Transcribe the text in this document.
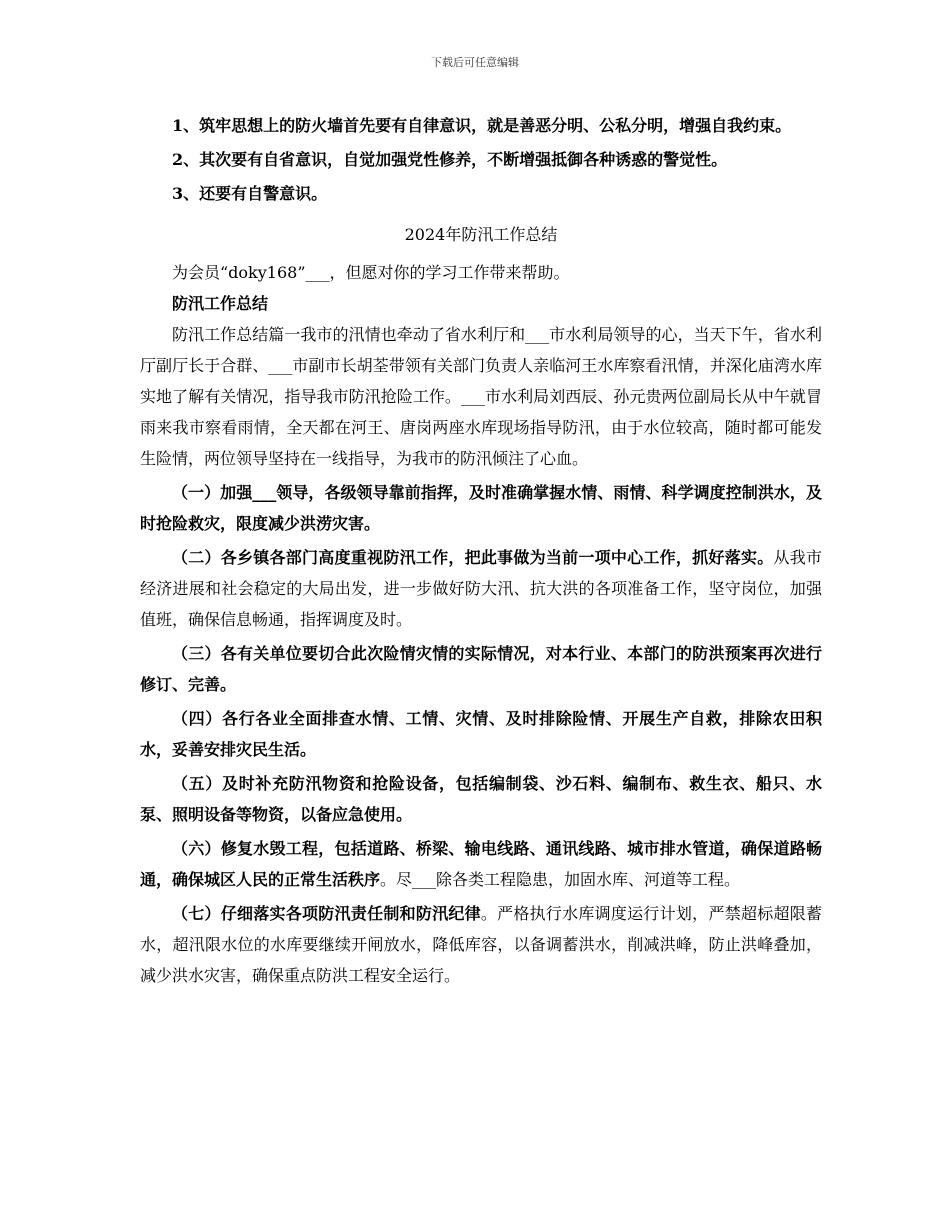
下载后可任意编辑

1、筑牢思想上的防火墙首先要有自律意识，就是善恶分明、公私分明，增强自我约束。

2、其次要有自省意识，自觉加强党性修养，不断增强抵御各种诱惑的警觉性。

3、还要有自警意识。

2024年防汛工作总结

为会员“doky168”___，但愿对你的学习工作带来帮助。

防汛工作总结

防汛工作总结篇一我市的汛情也牵动了省水利厅和___市水利局领导的心，当天下午，省水利厅副厅长于合群、___市副市长胡荃带领有关部门负责人亲临河王水库察看汛情，并深化庙湾水库实地了解有关情况，指导我市防汛抢险工作。___市水利局刘西辰、孙元贵两位副局长从中午就冒雨来我市察看雨情，全天都在河王、唐岗两座水库现场指导防汛，由于水位较高，随时都可能发生险情，两位领导坚持在一线指导，为我市的防汛倾注了心血。

（一）加强___领导，各级领导靠前指挥，及时准确掌握水情、雨情、科学调度控制洪水，及时抢险救灾，限度减少洪涝灾害。

（二）各乡镇各部门高度重视防汛工作，把此事做为当前一项中心工作，抓好落实。从我市经济进展和社会稳定的大局出发，进一步做好防大汛、抗大洪的各项准备工作，坚守岗位，加强值班，确保信息畅通，指挥调度及时。

（三）各有关单位要切合此次险情灾情的实际情况，对本行业、本部门的防洪预案再次进行修订、完善。

（四）各行各业全面排查水情、工情、灾情、及时排除险情、开展生产自救，排除农田积水，妥善安排灾民生活。

（五）及时补充防汛物资和抢险设备，包括编制袋、沙石料、编制布、救生衣、船只、水泵、照明设备等物资，以备应急使用。

（六）修复水毁工程，包括道路、桥梁、输电线路、通讯线路、城市排水管道，确保道路畅通，确保城区人民的正常生活秩序。尽___除各类工程隐患，加固水库、河道等工程。

（七）仔细落实各项防汛责任制和防汛纪律。严格执行水库调度运行计划，严禁超标超限蓄水，超汛限水位的水库要继续开闸放水，降低库容，以备调蓄洪水，削减洪峰，防止洪峰叠加，减少洪水灾害，确保重点防洪工程安全运行。
